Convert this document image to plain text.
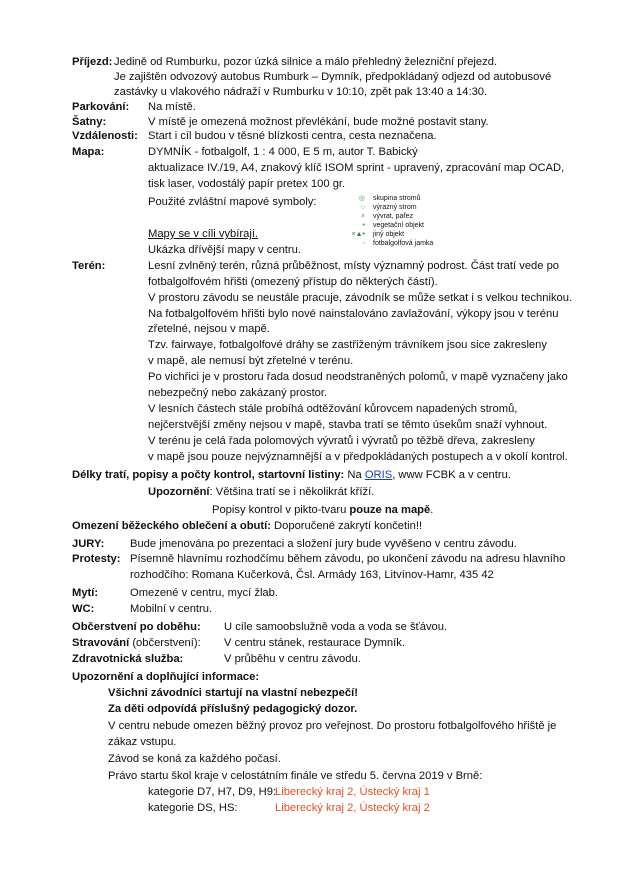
Příjezd: Jedině od Rumburku, pozor úzká silnice a málo přehledný železniční přejezd.
Je zajištěn odvozový autobus Rumburk – Dymník, předpokládaný odjezd od autobusové
zastávky u vlakového nádraží v Rumburku v 10:10, zpět pak 13:40 a 14:30.
Parkování: Na místě.
Šatny:	V místě je omezená možnost převlékání, bude možné postavit stany.
Vzdálenosti: Start i cíl budou v těsné blízkosti centra, cesta neznačena.
Mapa:	DYMNÍK - fotbalgolf, 1 : 4 000, E 5 m, autor T. Babický
aktualizace IV./19, A4, znakový klíč ISOM sprint - upravený, zpracování map OCAD,
tisk laser, vodostálý papír pretex 100 gr.
Použité zvláštní mapové symboly:
Mapy se v cíli vybírají.
Ukázka dřívější mapy v centru.
◎ skupina stromů
○ výrazný strom
× vývrat, pařez
• vegetační objekt
×▲• jiný objekt
◦ fotbalgolfová jamka
Terén:	Lesní zvlněný terén, různá průběžnost, místy významný podrost. Část tratí vede po
fotbalgolfovém hřišti (omezený přístup do některých částí).
V prostoru závodu se neustále pracuje, závodník se může setkat i s velkou technikou.
Na fotbalgolfovém hřišti bylo nové nainstalováno zavlažování, výkopy jsou v terénu
zřetelné, nejsou v mapě.
Tzv. fairwaye, fotbalgolfové dráhy se zastřiženým trávníkem jsou sice zakresleny
v mapě, ale nemusí být zřetelné v terénu.
Po vichřici je v prostoru řada dosud neodstraněných polomů, v mapě vyznačeny jako
nebezpečný nebo zakázaný prostor.
V lesních částech stále probíhá odtěžování kůrovcem napadených stromů,
nejčerstvější změny nejsou v mapě, stavba tratí se těmto úsekům snaží vyhnout.
V terénu je celá řada polomových vývratů i vývratů po těžbě dřeva, zakresleny
v mapě jsou pouze nejvýznamnější a v předpokládaných postupech a v okolí kontrol.
Délky tratí, popisy a počty kontrol, startovní listiny: Na ORIS, www FCBK a v centru.
Upozornění: Většina tratí se i několikrát kříží.
Popisy kontrol v pikto-tvaru pouze na mapě.
Omezení běžeckého oblečení a obutí: Doporučené zakrytí končetin!!
JURY: Bude jmenována po prezentaci a složení jury bude vyvěšeno v centru závodu.
Protesty: Písemně hlavnímu rozhodčímu během závodu, po ukončení závodu na adresu hlavního
rozhodčího: Romana Kučerková, Čsl. Armády 163, Litvínov-Hamr, 435 42
Mytí:	Omezené v centru, mycí žlab.
WC:	Mobilní v centru.
Občerstvení po doběhu: U cíle samoobslužně voda a voda se šťávou.
Stravování (občerstvení): V centru stánek, restaurace Dymník.
Zdravotnická služba:	V průběhu v centru závodu.
Upozornění a doplňující informace:
Všichni závodníci startují na vlastní nebezpečí!
Za děti odpovídá příslušný pedagogický dozor.
V centru nebude omezen běžný provoz pro veřejnost. Do prostoru fotbalgolfového hřiště je
zákaz vstupu.
Závod se koná za každého počasí.
Právo startu škol kraje v celostátním finále ve středu 5. června 2019 v Brně:
kategorie D7, H7, D9, H9:
Liberecký kraj 2, Ústecký kraj 1
kategorie DS, HS:	Liberecký kraj 2, Ústecký kraj 2
